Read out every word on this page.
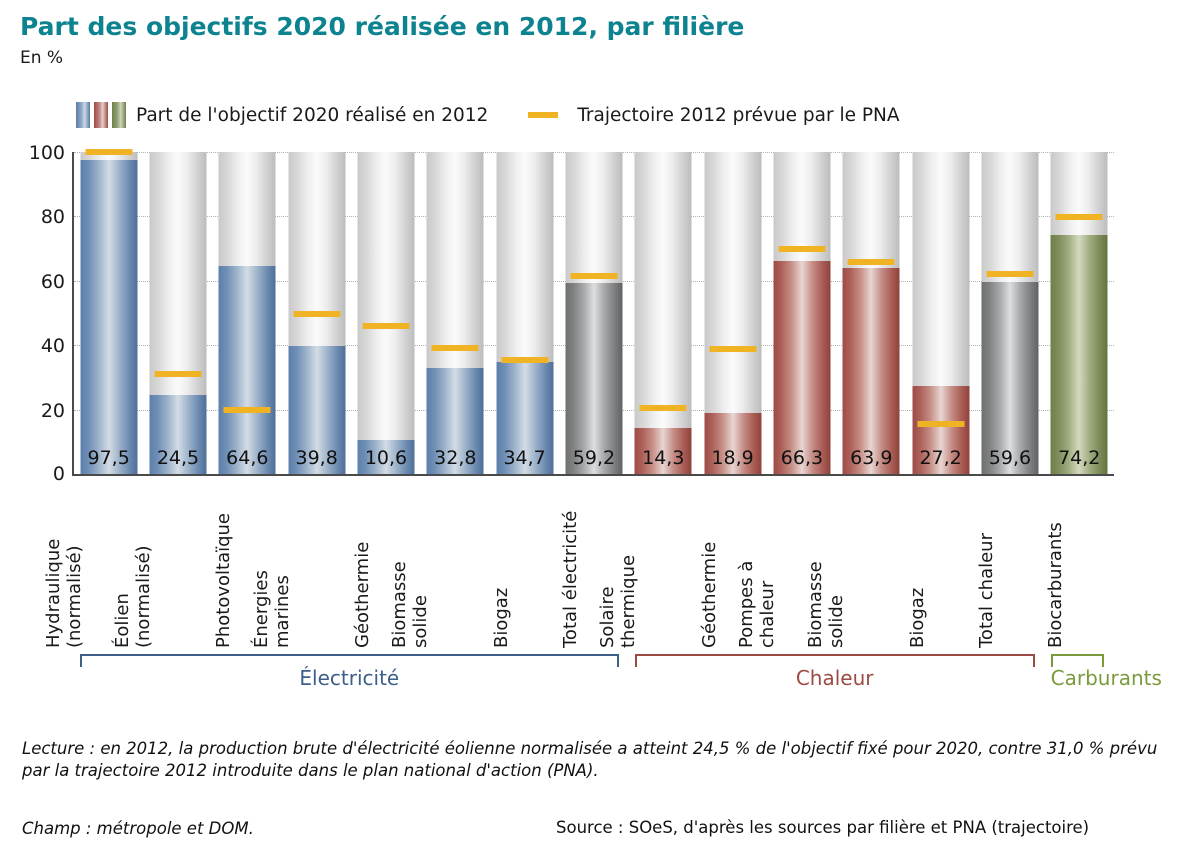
Part des objectifs 2020 réalisée en 2012, par filière
En %
Part de l'objectif 2020 réalisé en 2012	Trajectoire 2012 prévue par le PNA
0
20
40
60
80
100
97,5 24,5 64,6 39,8 10,6 32,8 34,7 59,2 14,3 18,9 66,3 63,9 27,2 59,6 74,2
Hydraulique (normalisé) Éolien (normalisé)	Photovoltaïque Énergies marines	Géothermie Biomasse solide	Biogaz	Total électricité Solaire thermique	Géothermie Pompes à chaleur Biomasse solide	Biogaz	Total chaleur	Biocarburants
Électricité	Chaleur	Carburants
Lecture : en 2012, la production brute d'électricité éolienne normalisée a atteint 24,5 % de l'objectif fixé pour 2020, contre 31,0 % prévu par la trajectoire 2012 introduite dans le plan national d'action (PNA).
Champ : métropole et DOM.	Source : SOeS, d'après les sources par filière et PNA (trajectoire)
